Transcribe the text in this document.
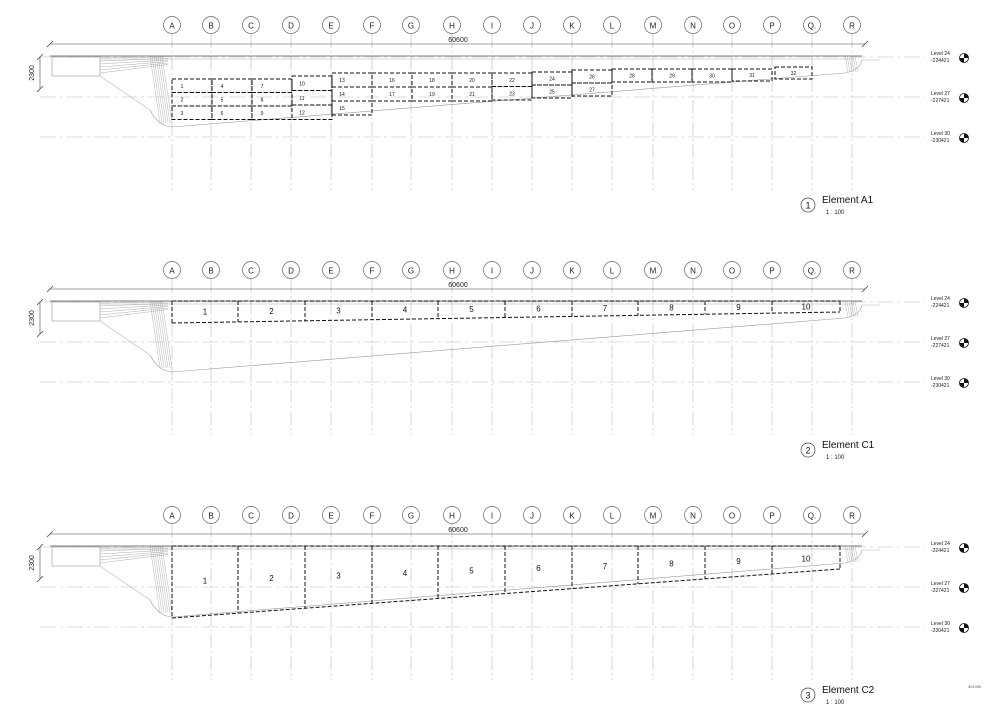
A	B	C	D	E	F	G	H	I	J	K	L	M	N	O	P	Q.	R
Level 24
-224421
Level 27
-227421
Level 30
-230421
60600
2300
1
2
3
4
5
6
7
8
9
10
11
12
13
14
15
16
17
18
19
20
21
22
23
24
25
26
27
28	29	30	31	32
1 Element A1
1 : 100
A	B	C	D	E	F	G	H	I	J	K	L	M	N	O	P	Q.	R
Level 24
-224421
Level 27
-227421
Level 30
-230421
60600
2300	1	2	3	4	5	6	7	8	9	10
2 Element C1
1 : 100
A	B	C	D	E	F	G	H	I	J	K	L	M	N	O	P	Q.	R
Level 24
-224421
Level 27
-227421
Level 30
-230421
60600
2300
1	2	3	4	5	6	7	8	9	10
3 Element C2
1 : 100
401930
